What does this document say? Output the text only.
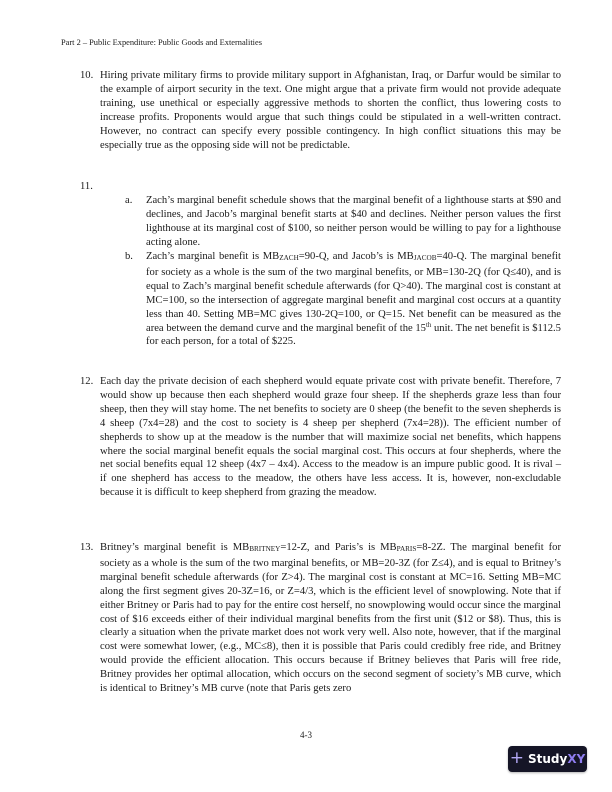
Part 2 – Public Expenditure: Public Goods and Externalities
10. Hiring private military firms to provide military support in Afghanistan, Iraq, or Darfur would be similar to the example of airport security in the text. One might argue that a private firm would not provide adequate training, use unethical or especially aggressive methods to shorten the conflict, thus lowering costs to increase profits. Proponents would argue that such things could be stipulated in a well-written contract. However, no contract can specify every possible contingency. In high conflict situations this may be especially true as the opposing side will not be predictable.
11.
a. Zach’s marginal benefit schedule shows that the marginal benefit of a lighthouse starts at $90 and declines, and Jacob’s marginal benefit starts at $40 and declines. Neither person values the first lighthouse at its marginal cost of $100, so neither person would be willing to pay for a lighthouse acting alone.
b. Zach’s marginal benefit is $MB_{ZACH}=90-Q$, and Jacob’s is $MB_{JACOB}=40-Q$. The marginal benefit for society as a whole is the sum of the two marginal benefits, or MB=130-2Q (for Q≤40), and is equal to Zach’s marginal benefit schedule afterwards (for Q>40). The marginal cost is constant at MC=100, so the intersection of aggregate marginal benefit and marginal cost occurs at a quantity less than 40. Setting MB=MC gives 130-2Q=100, or Q=15. Net benefit can be measured as the area between the demand curve and the marginal benefit of the 15th unit. The net benefit is $112.5 for each person, for a total of $225.
12. Each day the private decision of each shepherd would equate private cost with private benefit. Therefore, 7 would show up because then each shepherd would graze four sheep. If the shepherds graze less than four sheep, then they will stay home. The net benefits to society are 0 sheep (the benefit to the seven shepherds is 4 sheep (7x4=28) and the cost to society is 4 sheep per shepherd (7x4=28)). The efficient number of shepherds to show up at the meadow is the number that will maximize social net benefits, which happens where the social marginal benefit equals the social marginal cost. This occurs at four shepherds, where the net social benefits equal 12 sheep (4x7 – 4x4). Access to the meadow is an impure public good. It is rival – if one shepherd has access to the meadow, the others have less access. It is, however, non-excludable because it is difficult to keep shepherd from grazing the meadow.
13. Britney’s marginal benefit is $MB_{BRITNEY}=12-Z$, and Paris’s is $MB_{PARIS}=8-2Z$. The marginal benefit for society as a whole is the sum of the two marginal benefits, or MB=20-3Z (for Z≤4), and is equal to Britney’s marginal benefit schedule afterwards (for Z>4). The marginal cost is constant at MC=16. Setting MB=MC along the first segment gives 20-3Z=16, or Z=4/3, which is the efficient level of snowplowing. Note that if either Britney or Paris had to pay for the entire cost herself, no snowplowing would occur since the marginal cost of $16 exceeds either of their individual marginal benefits from the first unit ($12 or $8). Thus, this is clearly a situation when the private market does not work very well. Also note, however, that if the marginal cost were somewhat lower, (e.g., MC≤8), then it is possible that Paris could credibly free ride, and Britney would provide the efficient allocation. This occurs because if Britney believes that Paris will free ride, Britney provides her optimal allocation, which occurs on the second segment of society’s MB curve, which is identical to Britney’s MB curve (note that Paris gets zero
4-3
+ StudyXY
